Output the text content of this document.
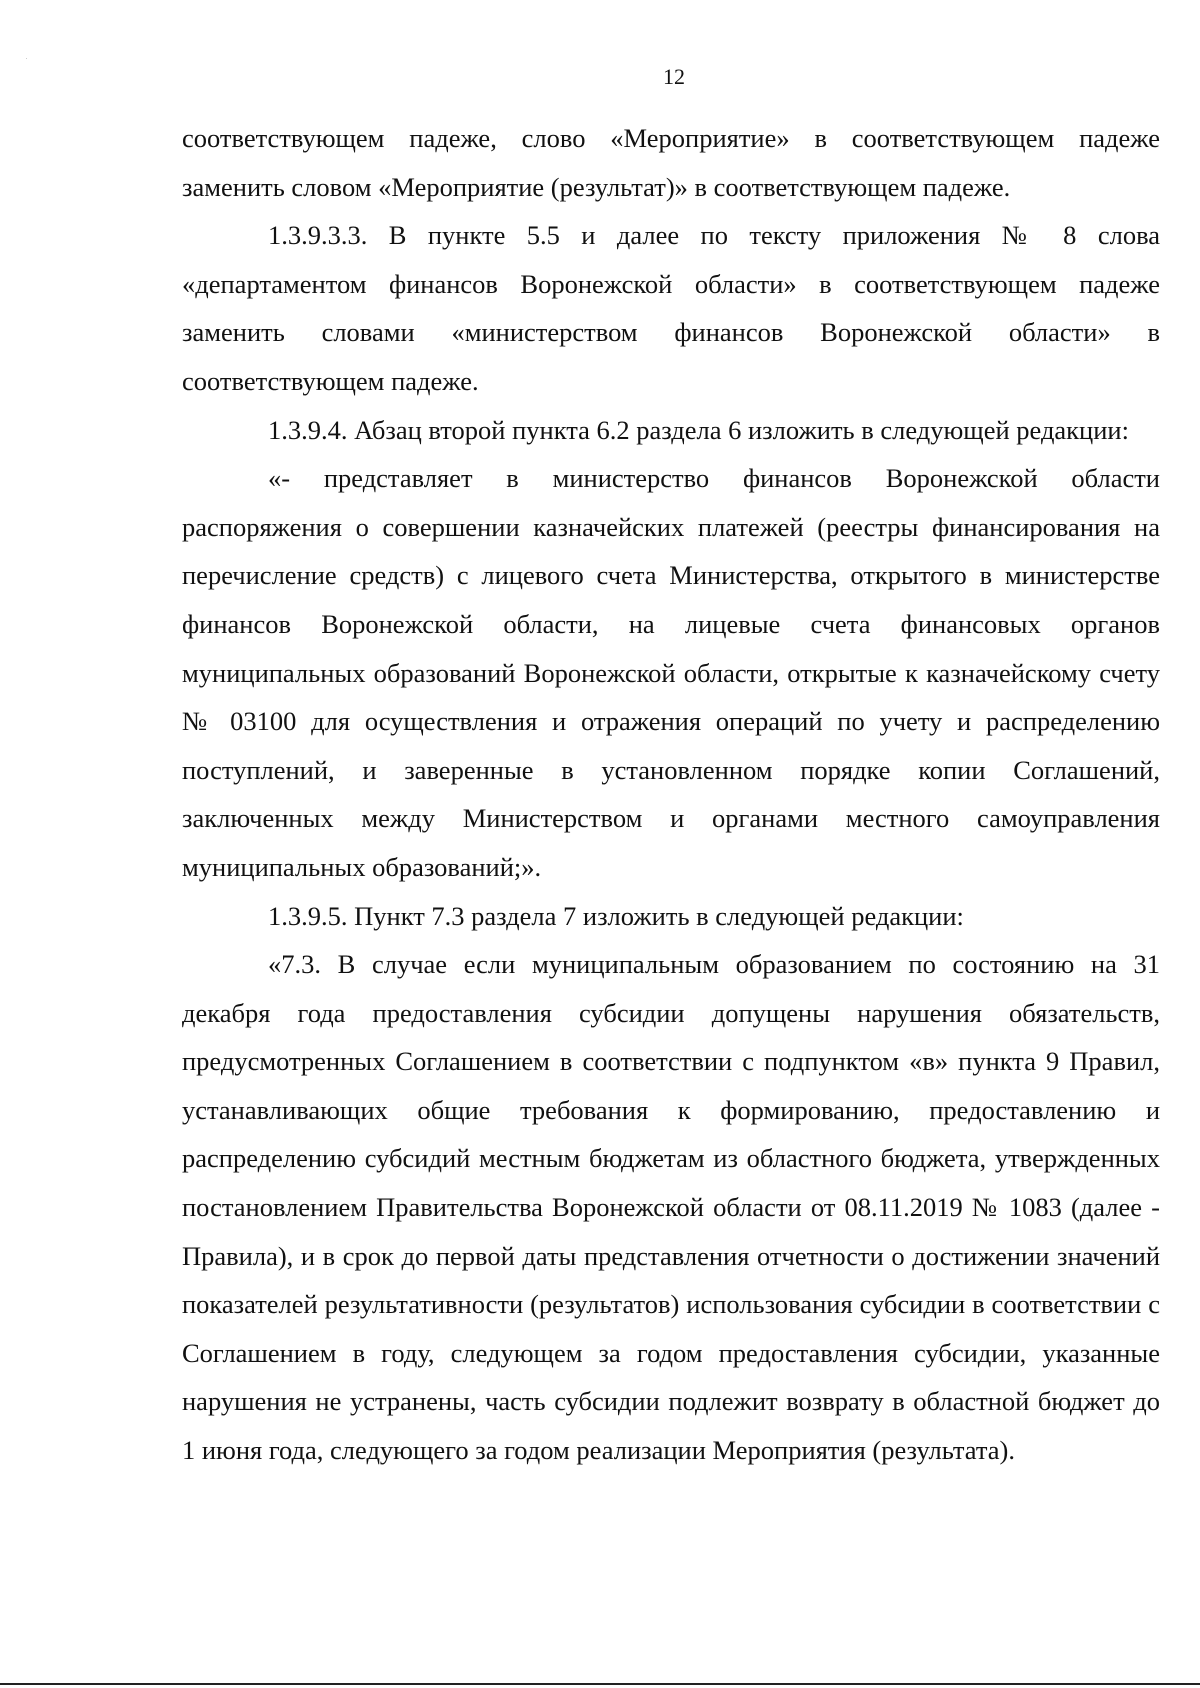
12

соответствующем падеже, слово «Мероприятие» в соответствующем падеже заменить словом «Мероприятие (результат)» в соответствующем падеже.

1.3.9.3.3. В пункте 5.5 и далее по тексту приложения № 8 слова «департаментом финансов Воронежской области» в соответствующем падеже заменить словами «министерством финансов Воронежской области» в соответствующем падеже.

1.3.9.4. Абзац второй пункта 6.2 раздела 6 изложить в следующей редакции:

«- представляет в министерство финансов Воронежской области распоряжения о совершении казначейских платежей (реестры финансирования на перечисление средств) с лицевого счета Министерства, открытого в министерстве финансов Воронежской области, на лицевые счета финансовых органов муниципальных образований Воронежской области, открытые к казначейскому счету № 03100 для осуществления и отражения операций по учету и распределению поступлений, и заверенные в установленном порядке копии Соглашений, заключенных между Министерством и органами местного самоуправления муниципальных образований;».

1.3.9.5. Пункт 7.3 раздела 7 изложить в следующей редакции:

«7.3. В случае если муниципальным образованием по состоянию на 31 декабря года предоставления субсидии допущены нарушения обязательств, предусмотренных Соглашением в соответствии с подпунктом «в» пункта 9 Правил, устанавливающих общие требования к формированию, предоставлению и распределению субсидий местным бюджетам из областного бюджета, утвержденных постановлением Правительства Воронежской области от 08.11.2019 № 1083 (далее - Правила), и в срок до первой даты представления отчетности о достижении значений показателей результативности (результатов) использования субсидии в соответствии с Соглашением в году, следующем за годом предоставления субсидии, указанные нарушения не устранены, часть субсидии подлежит возврату в областной бюджет до 1 июня года, следующего за годом реализации Мероприятия (результата).
